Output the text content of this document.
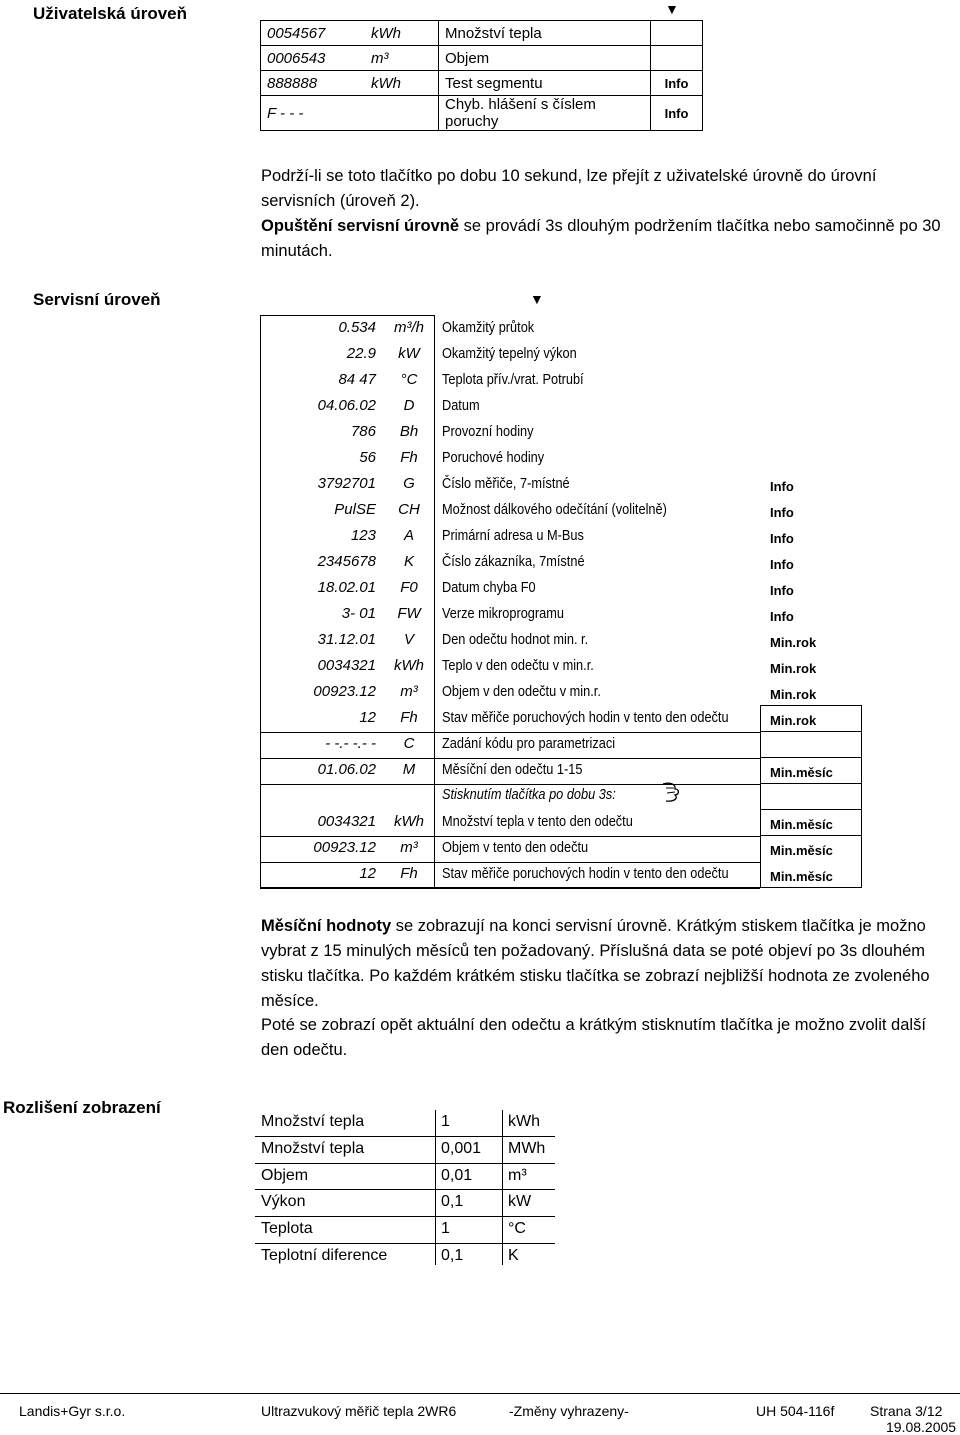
Uživatelská úroveň
Servisní úroveň
Rozlišení zobrazení
▼
0054567 kWh	Množství tepla	
0006543 m³	Objem	
888888 kWh	Test segmentu	Info
F - - -	Chyb. hlášení s číslem poruchy	Info
Podrží-li se toto tlačítko po dobu 10 sekund, lze přejít z uživatelské úrovně do úrovní servisních (úroveň 2).
Opuštění servisní úrovně se provádí 3s dlouhým podržením tlačítka nebo samočinně po 30 minutách.
▼
0.534	m³/h	Okamžitý průtok
22.9	kW	Okamžitý tepelný výkon
84 47	°C	Teplota přív./vrat. Potrubí
04.06.02	D	Datum
786	Bh	Provozní hodiny
56	Fh	Poruchové hodiny
3792701	G	Číslo měřiče, 7-místné	Info
PulSE	CH	Možnost dálkového odečítání (volitelně)	Info
123	A	Primární adresa u M-Bus	Info
2345678	K	Číslo zákazníka, 7místné	Info
18.02.01	F0	Datum chyba F0	Info
3- 01	FW	Verze mikroprogramu	Info
31.12.01	V	Den odečtu hodnot min. r.	Min.rok
0034321	kWh	Teplo v den odečtu v min.r.	Min.rok
00923.12	m³	Objem v den odečtu v min.r.	Min.rok
12	Fh	Stav měřiče poruchových hodin v tento den odečtu	Min.rok
- -.- -.- -	C	Zadání kódu pro parametrizaci
01.06.02	M	Měsíční den odečtu 1-15	Min.měsíc
Stisknutím tlačítka po dobu 3s:
0034321	kWh	Množství tepla v tento den odečtu	Min.měsíc
00923.12	m³	Objem v tento den odečtu	Min.měsíc
12	Fh	Stav měřiče poruchových hodin v tento den odečtu	Min.měsíc
Měsíční hodnoty se zobrazují na konci servisní úrovně. Krátkým stiskem tlačítka je možno vybrat z 15 minulých měsíců ten požadovaný. Příslušná data se poté objeví po 3s dlouhém stisku tlačítka. Po každém krátkém stisku tlačítka se zobrazí nejbližší hodnota ze zvoleného měsíce.
Poté se zobrazí opět aktuální den odečtu a krátkým stisknutím tlačítka je možno zvolit další den odečtu.
Množství tepla	1	kWh
Množství tepla	0,001 MWh
Objem	0,01 m³
Výkon	0,1	kW
Teplota	1	°C
Teplotní diference	0,1	K
Landis+Gyr s.r.o.	Ultrazvukový měřič tepla 2WR6	-Změny vyhrazeny-	UH 504-116f	Strana 3/12
19.08.2005
